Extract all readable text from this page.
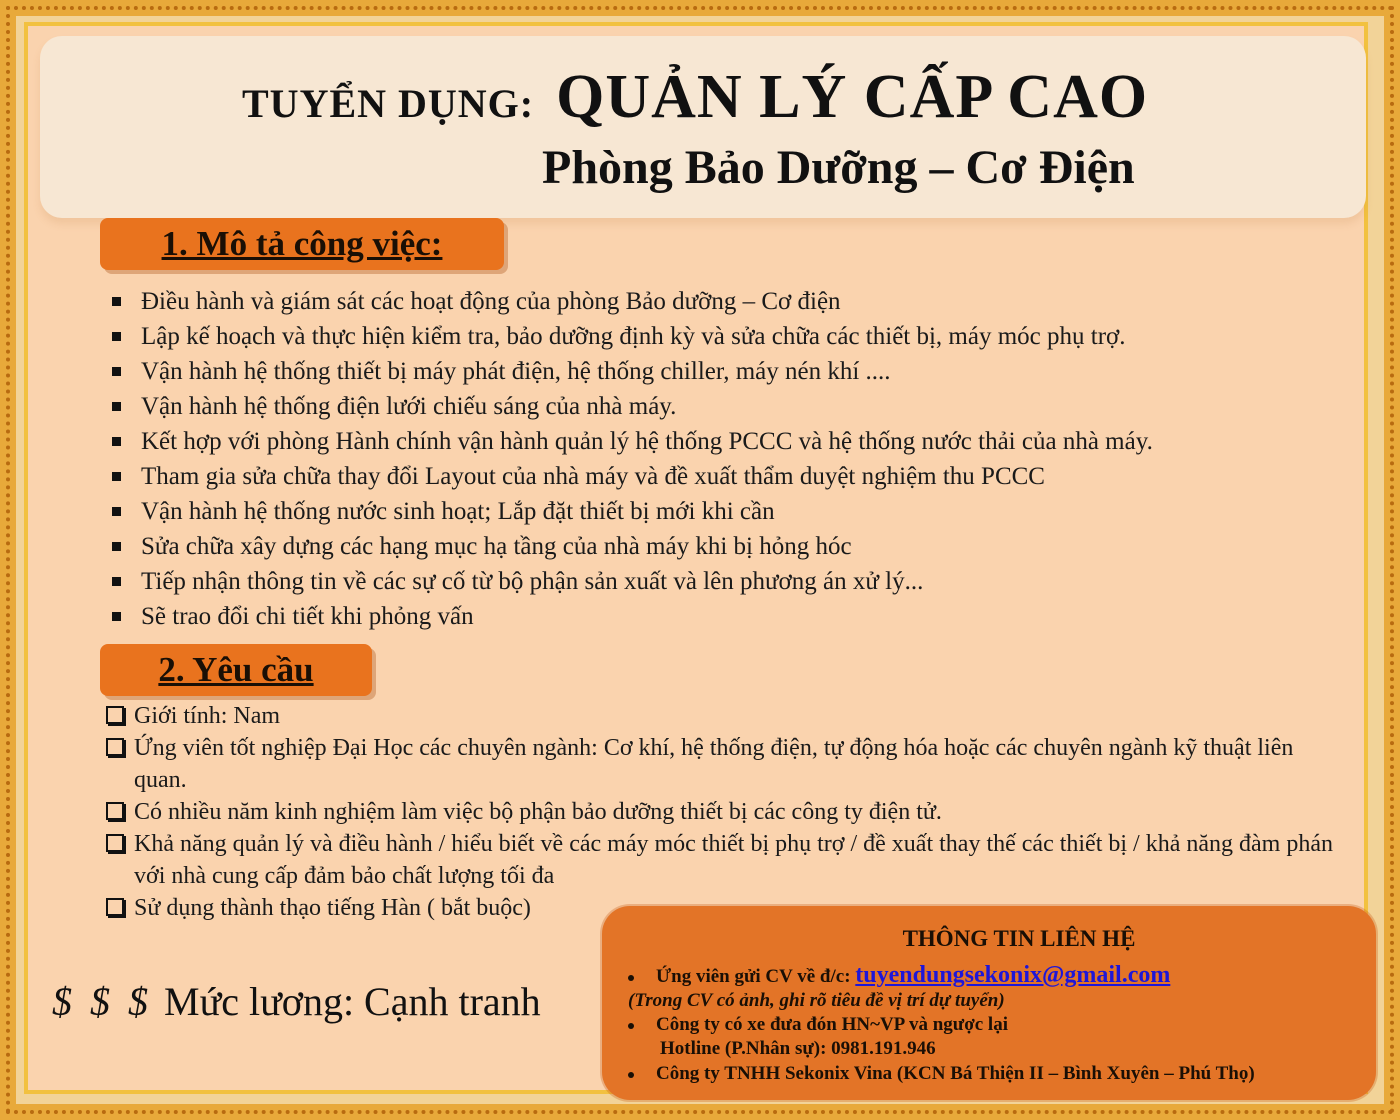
TUYỂN DỤNG: QUẢN LÝ CẤP CAO
Phòng Bảo Dưỡng – Cơ Điện
1. Mô tả công việc:
Điều hành và giám sát các hoạt động của phòng Bảo dưỡng – Cơ điện
Lập kế hoạch và thực hiện kiểm tra, bảo dưỡng định kỳ và sửa chữa các thiết bị, máy móc phụ trợ.
Vận hành hệ thống thiết bị máy phát điện, hệ thống chiller, máy nén khí ....
Vận hành hệ thống điện lưới chiếu sáng của nhà máy.
Kết hợp với phòng Hành chính vận hành quản lý hệ thống PCCC và hệ thống nước thải của nhà máy.
Tham gia sửa chữa thay đổi Layout của nhà máy và đề xuất thẩm duyệt nghiệm thu PCCC
Vận hành hệ thống nước sinh hoạt; Lắp đặt thiết bị mới khi cần
Sửa chữa xây dựng các hạng mục hạ tầng của nhà máy khi bị hỏng hóc
Tiếp nhận thông tin về các sự cố từ bộ phận sản xuất và lên phương án xử lý...
Sẽ trao đổi chi tiết khi phỏng vấn
2. Yêu cầu
Giới tính: Nam
Ứng viên tốt nghiệp Đại Học các chuyên ngành: Cơ khí, hệ thống điện, tự động hóa hoặc các chuyên ngành kỹ thuật liên quan.
Có nhiều năm kinh nghiệm làm việc bộ phận bảo dưỡng thiết bị các công ty điện tử.
Khả năng quản lý và điều hành / hiểu biết về các máy móc thiết bị phụ trợ / đề xuất thay thế các thiết bị / khả năng đàm phán với nhà cung cấp đảm bảo chất lượng tối đa
Sử dụng thành thạo tiếng Hàn ( bắt buộc)
$ $ $ Mức lương: Cạnh tranh
THÔNG TIN LIÊN HỆ
Ứng viên gửi CV về đ/c: tuyendungsekonix@gmail.com
(Trong CV có ảnh, ghi rõ tiêu đề vị trí dự tuyển)
Công ty có xe đưa đón HN~VP và ngược lại
Hotline (P.Nhân sự): 0981.191.946
Công ty TNHH Sekonix Vina (KCN Bá Thiện II – Bình Xuyên – Phú Thọ)
